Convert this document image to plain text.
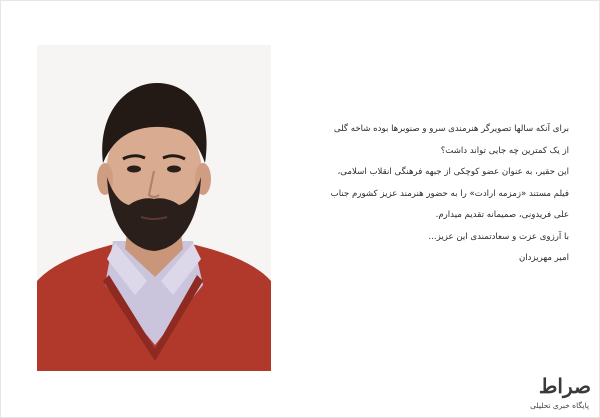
برای آنکه سالها تصویرگر هنرمندی سرو و صنوبرها بوده شاخه گلی
از یک کمترین چه جایی تواند داشت؟
این حقیر، به عنوان عضو کوچکی از جبهه فرهنگی انقلاب اسلامی،
فیلم مستند «زمزمه ارادت» را به حضور هنرمند عزیز کشورم جناب
علی فریدونی، صمیمانه تقدیم میدارم.
با آرزوی عزت و سعادتمندی این عزیز...
امیر مهریزدان
صراط
پایگاه خبری تحلیلی
